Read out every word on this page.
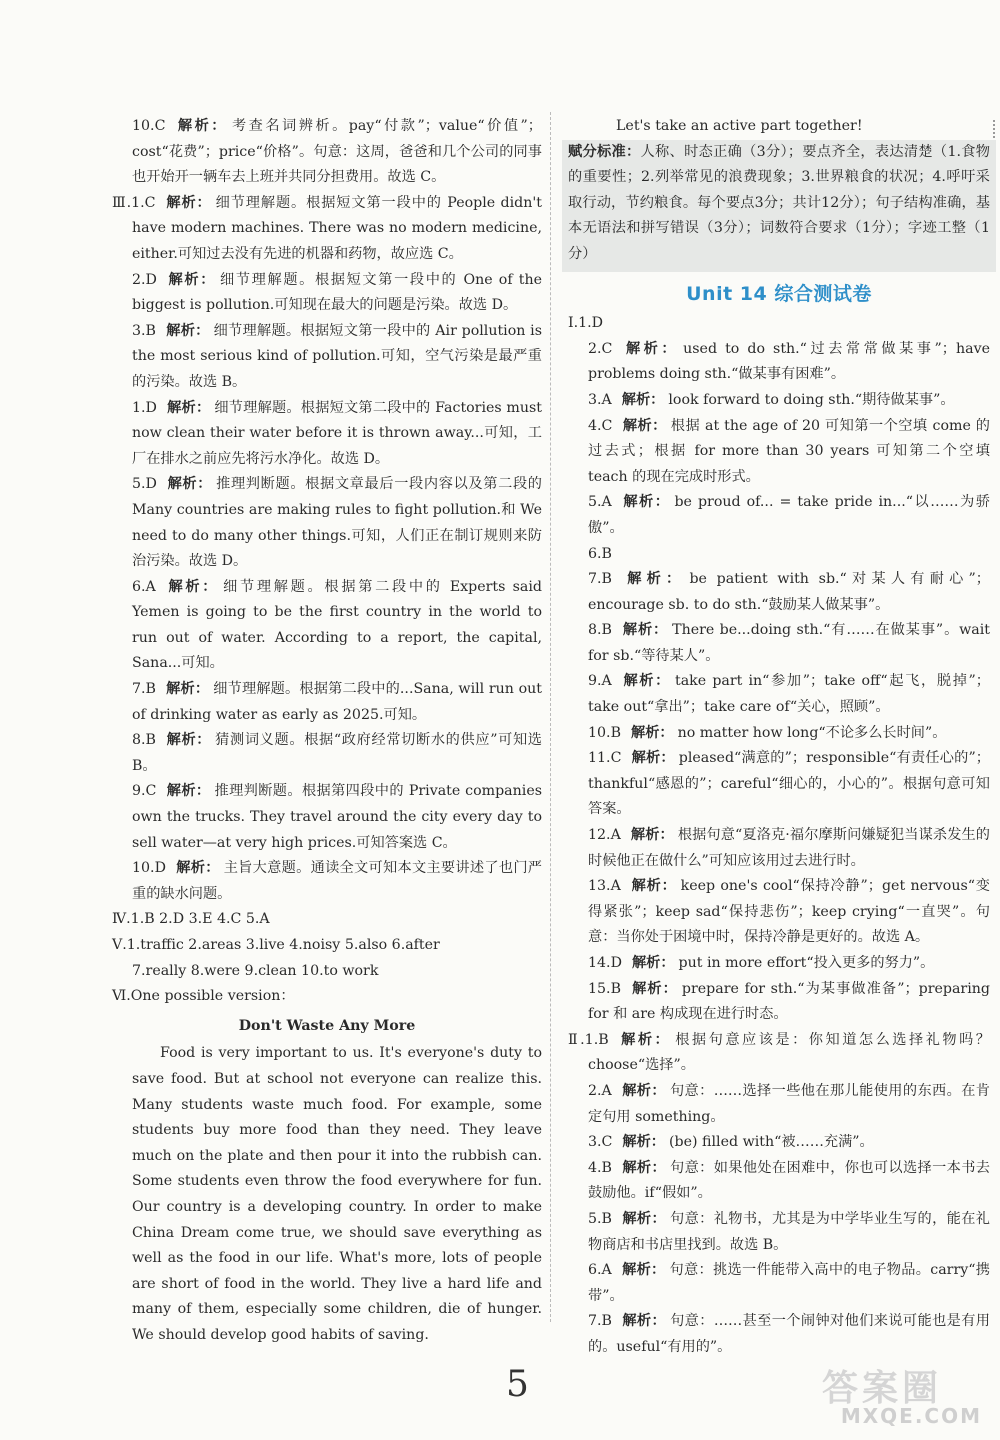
10.C 解析： 考查名词辨析。pay“付款”；value“价值”；cost“花费”；price“价格”。句意：这周，爸爸和几个公司的同事也开始开一辆车去上班并共同分担费用。故选 C。

Ⅲ.1.C 解析： 细节理解题。根据短文第一段中的 People didn't have modern machines. There was no modern medicine, either.可知过去没有先进的机器和药物，故应选 C。

2.D 解析： 细节理解题。根据短文第一段中的 One of the biggest is pollution.可知现在最大的问题是污染。故选 D。

3.B 解析： 细节理解题。根据短文第一段中的 Air pollution is the most serious kind of pollution.可知，空气污染是最严重的污染。故选 B。

1.D 解析： 细节理解题。根据短文第二段中的 Factories must now clean their water before it is thrown away...可知，工厂在排水之前应先将污水净化。故选 D。

5.D 解析： 推理判断题。根据文章最后一段内容以及第二段的 Many countries are making rules to fight pollution.和 We need to do many other things.可知，人们正在制订规则来防治污染。故选 D。

6.A 解析： 细节理解题。根据第二段中的 Experts said Yemen is going to be the first country in the world to run out of water. According to a report, the capital, Sana...可知。

7.B 解析： 细节理解题。根据第二段中的...Sana, will run out of drinking water as early as 2025.可知。

8.B 解析： 猜测词义题。根据“政府经常切断水的供应”可知选 B。

9.C 解析： 推理判断题。根据第四段中的 Private companies own the trucks. They travel around the city every day to sell water—at very high prices.可知答案选 C。

10.D 解析： 主旨大意题。通读全文可知本文主要讲述了也门严重的缺水问题。

Ⅳ.1.B 2.D 3.E 4.C 5.A

Ⅴ.1.traffic 2.areas 3.live 4.noisy 5.also 6.after

7.really 8.were 9.clean 10.to work

Ⅵ.One possible version：

Don't Waste Any More

Food is very important to us. It's everyone's duty to save food. But at school not everyone can realize this. Many students waste much food. For example, some students buy more food than they need. They leave much on the plate and then pour it into the rubbish can. Some students even throw the food everywhere for fun. Our country is a developing country. In order to make China Dream come true, we should save everything as well as the food in our life. What's more, lots of people are short of food in the world. They live a hard life and many of them, especially some children, die of hunger. We should develop good habits of saving.

Let's take an active part together!

赋分标准：人称、时态正确（3分）；要点齐全，表达清楚（1.食物的重要性；2.列举常见的浪费现象；3.世界粮食的状况；4.呼吁采取行动，节约粮食。每个要点3分；共计12分）；句子结构准确，基本无语法和拼写错误（3分）；词数符合要求（1分）；字迹工整（1分）

Unit 14 综合测试卷

Ⅰ.1.D

2.C 解析： used to do sth.“过去常常做某事”；have problems doing sth.“做某事有困难”。

3.A 解析： look forward to doing sth.“期待做某事”。

4.C 解析： 根据 at the age of 20 可知第一个空填 come 的过去式；根据 for more than 30 years 可知第二个空填 teach 的现在完成时形式。

5.A 解析： be proud of... = take pride in...“以……为骄傲”。

6.B

7.B 解析： be patient with sb.“对某人有耐心”；encourage sb. to do sth.“鼓励某人做某事”。

8.B 解析： There be...doing sth.“有……在做某事”。wait for sb.“等待某人”。

9.A 解析： take part in“参加”；take off“起飞，脱掉”；take out“拿出”；take care of“关心，照顾”。

10.B 解析： no matter how long“不论多么长时间”。

11.C 解析： pleased“满意的”；responsible“有责任心的”；thankful“感恩的”；careful“细心的，小心的”。根据句意可知答案。

12.A 解析： 根据句意“夏洛克·福尔摩斯问嫌疑犯当谋杀发生的时候他正在做什么”可知应该用过去进行时。

13.A 解析： keep one's cool“保持冷静”；get nervous“变得紧张”；keep sad“保持悲伤”；keep crying“一直哭”。句意：当你处于困境中时，保持冷静是更好的。故选 A。

14.D 解析： put in more effort“投入更多的努力”。

15.B 解析： prepare for sth.“为某事做准备”；preparing for 和 are 构成现在进行时态。

Ⅱ.1.B 解析： 根据句意应该是：你知道怎么选择礼物吗？choose“选择”。

2.A 解析： 句意：……选择一些他在那儿能使用的东西。在肯定句用 something。

3.C 解析： (be) filled with“被……充满”。

4.B 解析： 句意：如果他处在困难中，你也可以选择一本书去鼓励他。if“假如”。

5.B 解析： 句意：礼物书，尤其是为中学毕业生写的，能在礼物商店和书店里找到。故选 B。

6.A 解析： 句意：挑选一件能带入高中的电子物品。carry“携带”。

7.B 解析： 句意：……甚至一个闹钟对他们来说可能也是有用的。useful“有用的”。

5	答案圈
MXQE.COM
